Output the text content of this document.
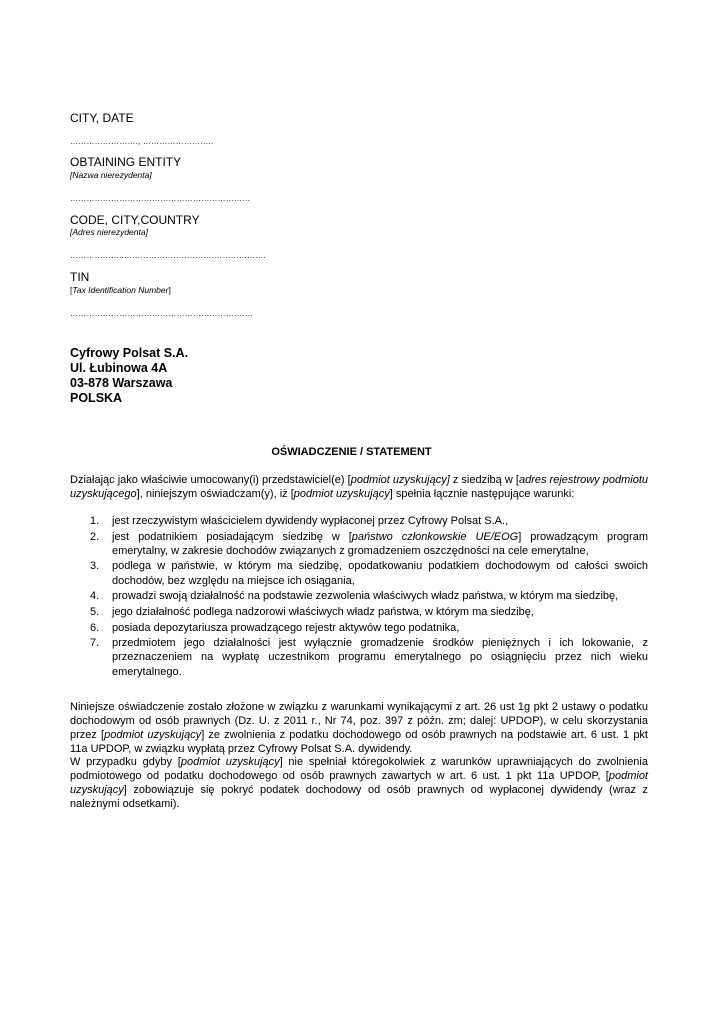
CITY, DATE
……………………., ……………………..
OBTAINING ENTITY
[Nazwa nierezydenta]
…………………………………………………………
CODE, CITY,COUNTRY
[Adres nierezydenta]
………………..…………………………………………….
TIN
[Tax Identification Number]
………………………………………………………….
Cyfrowy Polsat S.A.
Ul. Łubinowa 4A
03-878 Warszawa
POLSKA
OŚWIADCZENIE / STATEMENT
Działając jako właściwie umocowany(i) przedstawiciel(e) [podmiot uzyskujący] z siedzibą w [adres rejestrowy podmiotu uzyskującego], niniejszym oświadczam(y), iż [podmiot uzyskujący] spełnia łącznie następujące warunki:
1. jest rzeczywistym właścicielem dywidendy wypłaconej przez Cyfrowy Polsat S.A.,
2. jest podatnikiem posiadającym siedzibę w [państwo członkowskie UE/EOG] prowadzącym program emerytalny, w zakresie dochodów związanych z gromadzeniem oszczędności na cele emerytalne,
3. podlega w państwie, w którym ma siedzibę, opodatkowaniu podatkiem dochodowym od całości swoich dochodów, bez względu na miejsce ich osiągania,
4. prowadzi swoją działalność na podstawie zezwolenia właściwych władz państwa, w którym ma siedzibę,
5. jego działalność podlega nadzorowi właściwych władz państwa, w którym ma siedzibę,
6. posiada depozytariusza prowadzącego rejestr aktywów tego podatnika,
7. przedmiotem jego działalności jest wyłącznie gromadzenie środków pieniężnych i ich lokowanie, z przeznaczeniem na wypłatę uczestnikom programu emerytalnego po osiągnięciu przez nich wieku emerytalnego.
Niniejsze oświadczenie zostało złożone w związku z warunkami wynikającymi z art. 26 ust 1g pkt 2 ustawy o podatku dochodowym od osób prawnych (Dz. U. z 2011 r., Nr 74, poz. 397 z późn. zm; dalej: UPDOP), w celu skorzystania przez [podmiot uzyskujący] ze zwolnienia z podatku dochodowego od osób prawnych na podstawie art. 6 ust. 1 pkt 11a UPDOP, w związku wypłatą przez Cyfrowy Polsat S.A. dywidendy.
W przypadku gdyby [podmiot uzyskujący] nie spełniał któregokolwiek z warunków uprawniających do zwolnienia podmiotowego od podatku dochodowego od osób prawnych zawartych w art. 6 ust. 1 pkt 11a UPDOP, [podmiot uzyskujący] zobowiązuje się pokryć podatek dochodowy od osób prawnych od wypłaconej dywidendy (wraz z należnymi odsetkami).
